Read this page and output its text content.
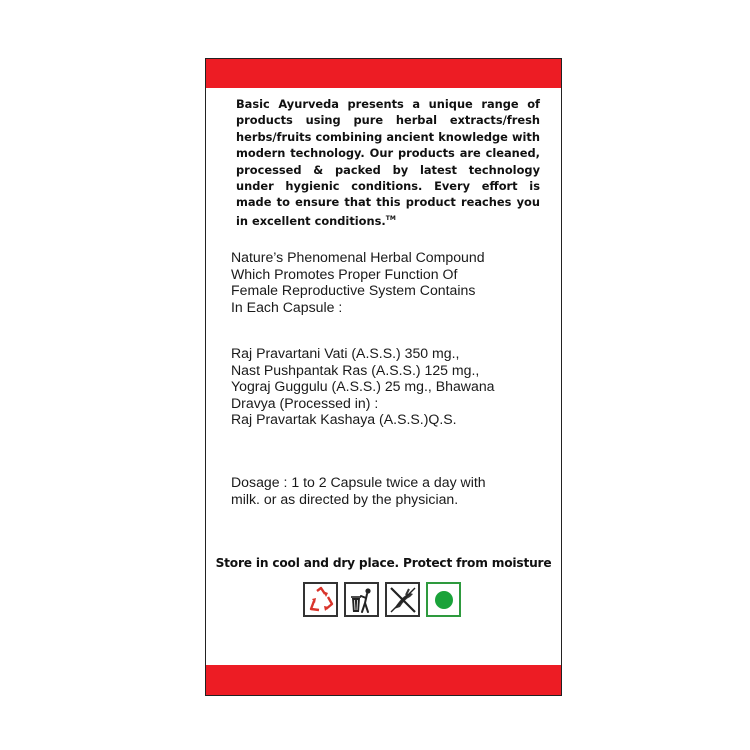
Basic Ayurveda presents a unique range of products using pure herbal extracts/fresh herbs/fruits combining ancient knowledge with modern technology. Our products are cleaned, processed & packed by latest technology under hygienic conditions. Every effort is made to ensure that this product reaches you in excellent conditions.™
Nature’s Phenomenal Herbal Compound
Which Promotes Proper Function Of
Female Reproductive System Contains
In Each Capsule :
Raj Pravartani Vati (A.S.S.) 350 mg.,
Nast Pushpantak Ras (A.S.S.) 125 mg.,
Yograj Guggulu (A.S.S.) 25 mg., Bhawana
Dravya (Processed in) :
Raj Pravartak Kashaya (A.S.S.)Q.S.
Dosage : 1 to 2 Capsule twice a day with
milk. or as directed by the physician.
Store in cool and dry place. Protect from moisture
